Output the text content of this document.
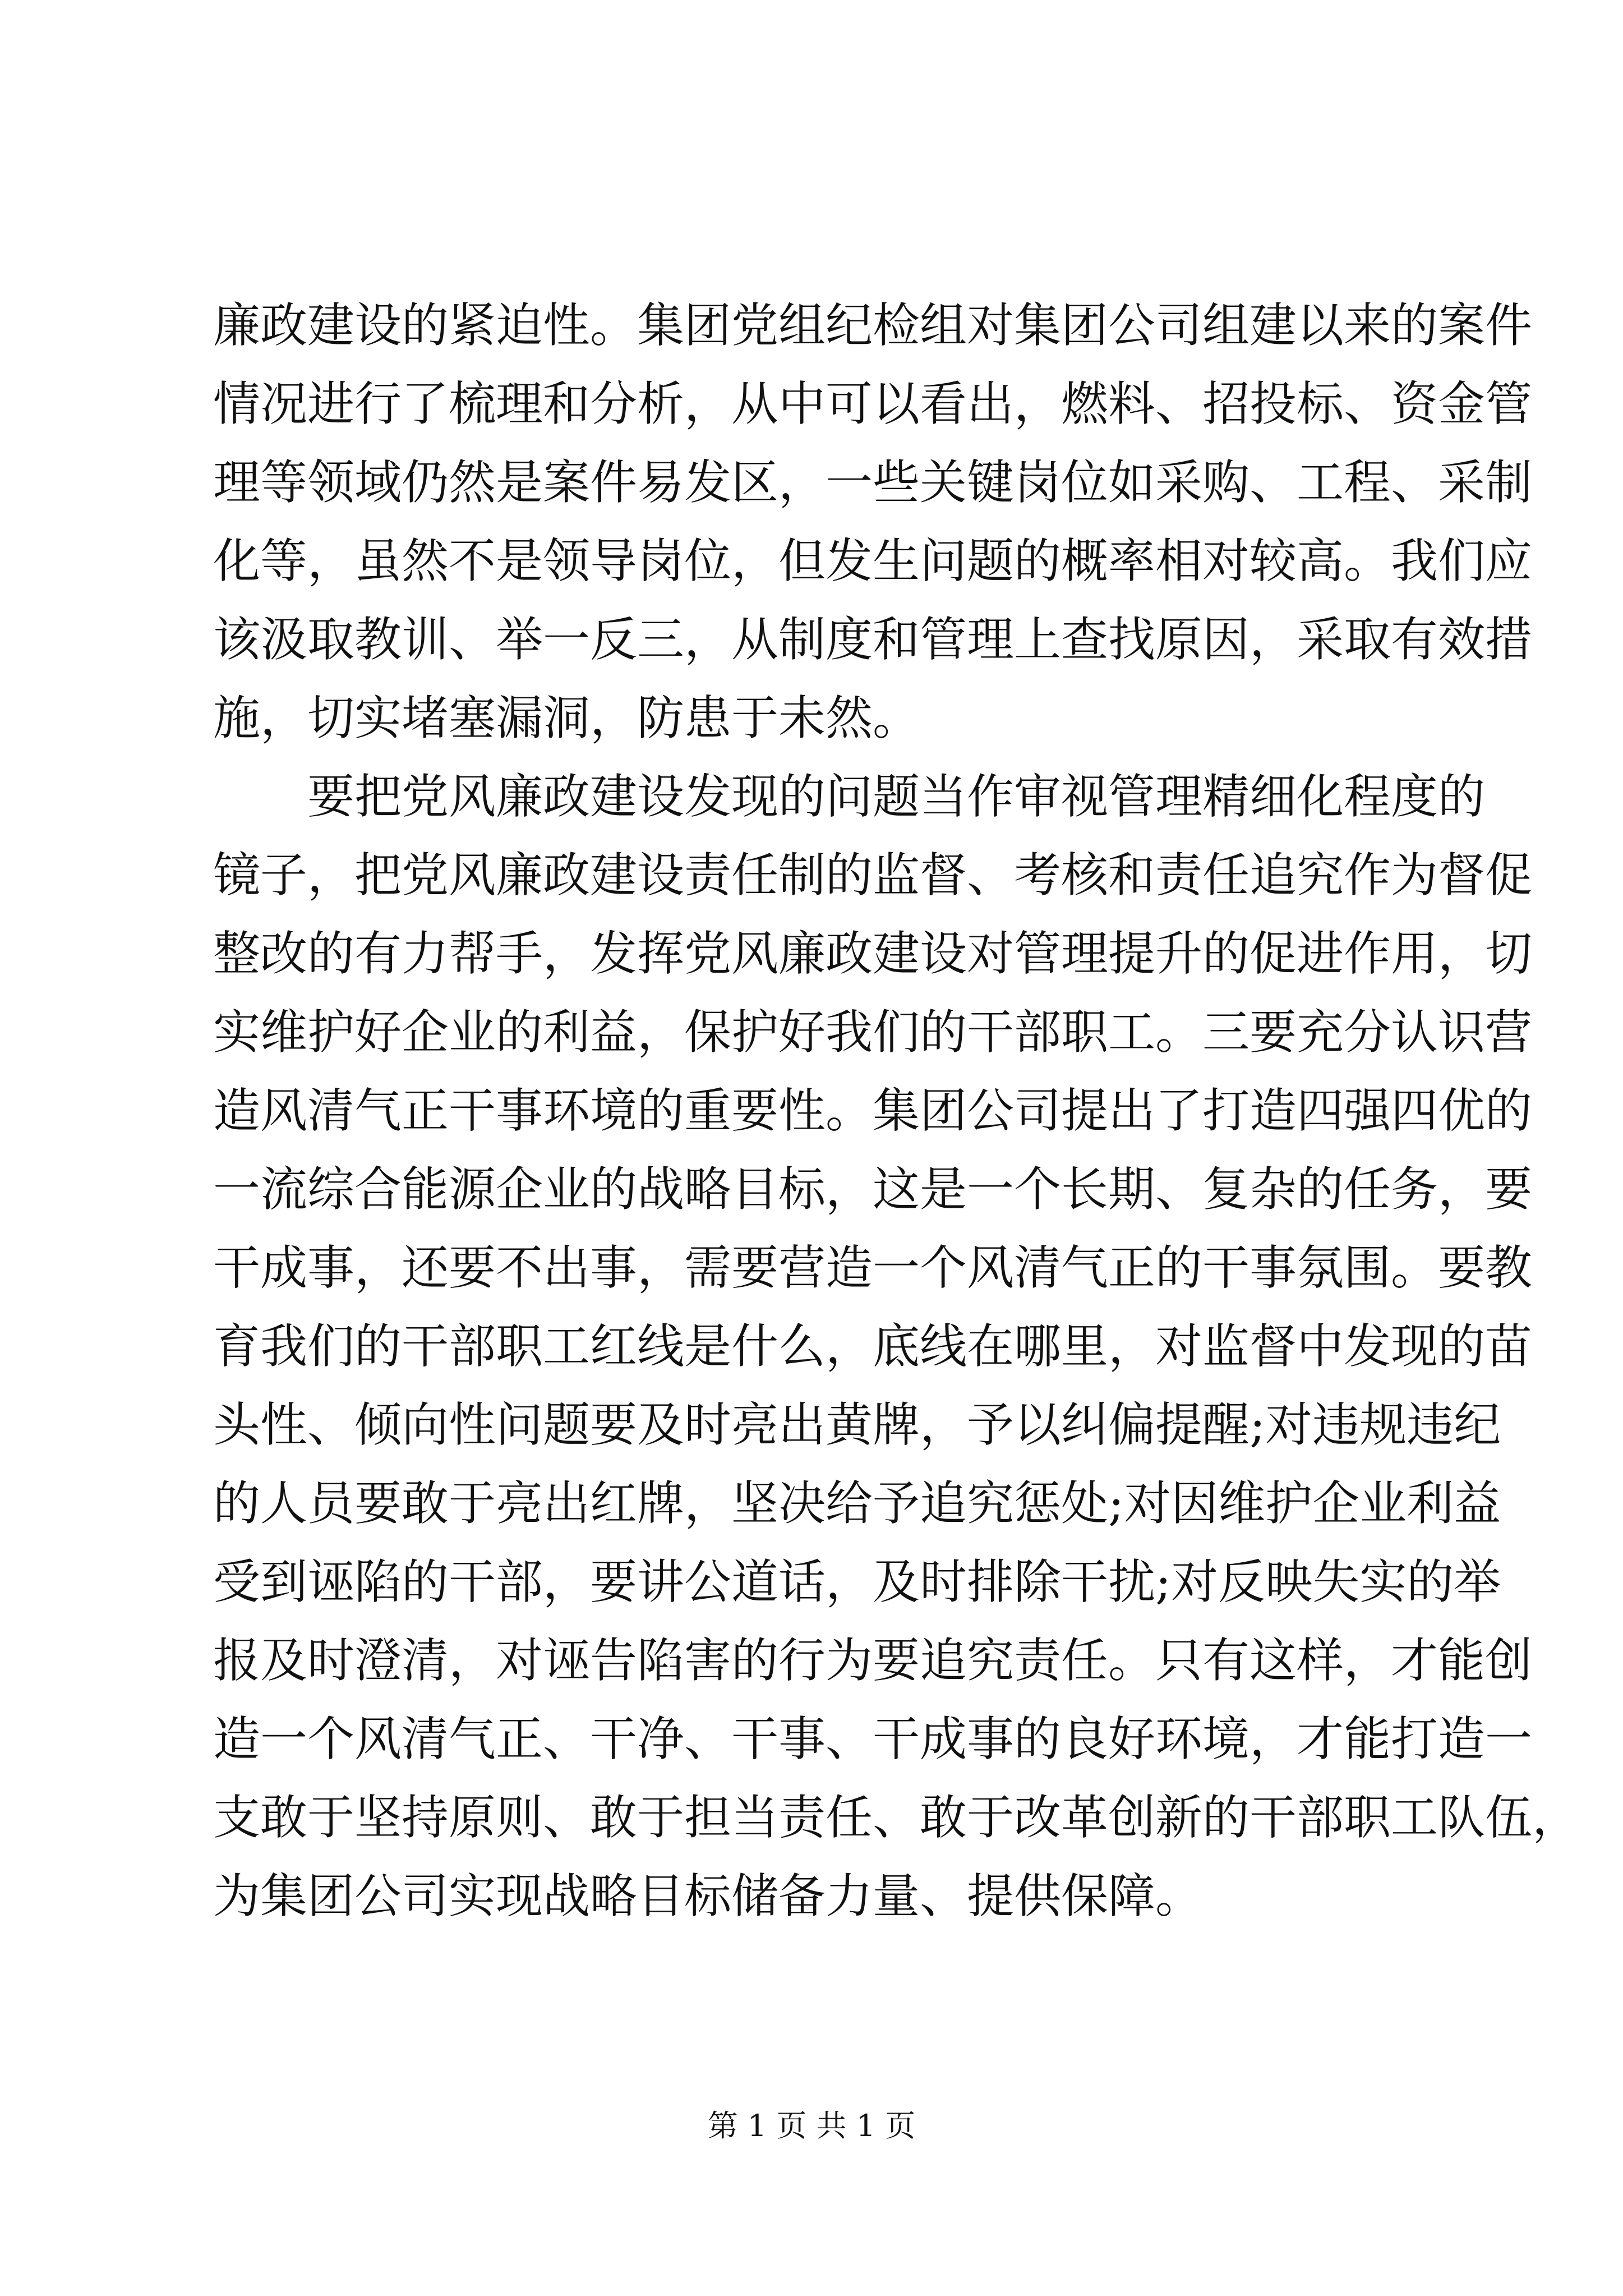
廉政建设的紧迫性。集团党组纪检组对集团公司组建以来的案件
情况进行了梳理和分析，从中可以看出，燃料、招投标、资金管
理等领域仍然是案件易发区，一些关键岗位如采购、工程、采制
化等，虽然不是领导岗位，但发生问题的概率相对较高。我们应
该汲取教训、举一反三，从制度和管理上查找原因，采取有效措
施，切实堵塞漏洞，防患于未然。
要把党风廉政建设发现的问题当作审视管理精细化程度的
镜子，把党风廉政建设责任制的监督、考核和责任追究作为督促
整改的有力帮手，发挥党风廉政建设对管理提升的促进作用，切
实维护好企业的利益，保护好我们的干部职工。三要充分认识营
造风清气正干事环境的重要性。集团公司提出了打造四强四优的
一流综合能源企业的战略目标，这是一个长期、复杂的任务，要
干成事，还要不出事，需要营造一个风清气正的干事氛围。要教
育我们的干部职工红线是什么，底线在哪里，对监督中发现的苗
头性、倾向性问题要及时亮出黄牌，予以纠偏提醒;对违规违纪
的人员要敢于亮出红牌，坚决给予追究惩处;对因维护企业利益
受到诬陷的干部，要讲公道话，及时排除干扰;对反映失实的举
报及时澄清，对诬告陷害的行为要追究责任。只有这样，才能创
造一个风清气正、干净、干事、干成事的良好环境，才能打造一
支敢于坚持原则、敢于担当责任、敢于改革创新的干部职工队伍，
为集团公司实现战略目标储备力量、提供保障。
第 1 页 共 1 页
